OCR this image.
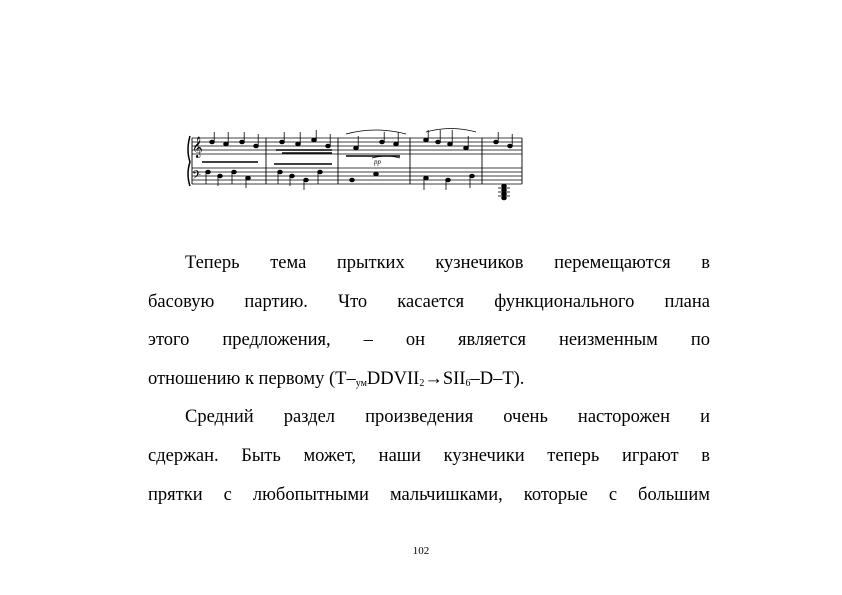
𝄞
𝄢
pp

Теперь тема прытких кузнечиков перемещаются в
басовую партию. Что касается функционального плана
этого предложения, – он является неизменным по
отношению к первому $(T-_{ум}DDVII_2\to SII_6-D-T)$.

Средний раздел произведения очень насторожен и
сдержан. Быть может, наши кузнечики теперь играют в
прятки с любопытными мальчишками, которые с большим

102
